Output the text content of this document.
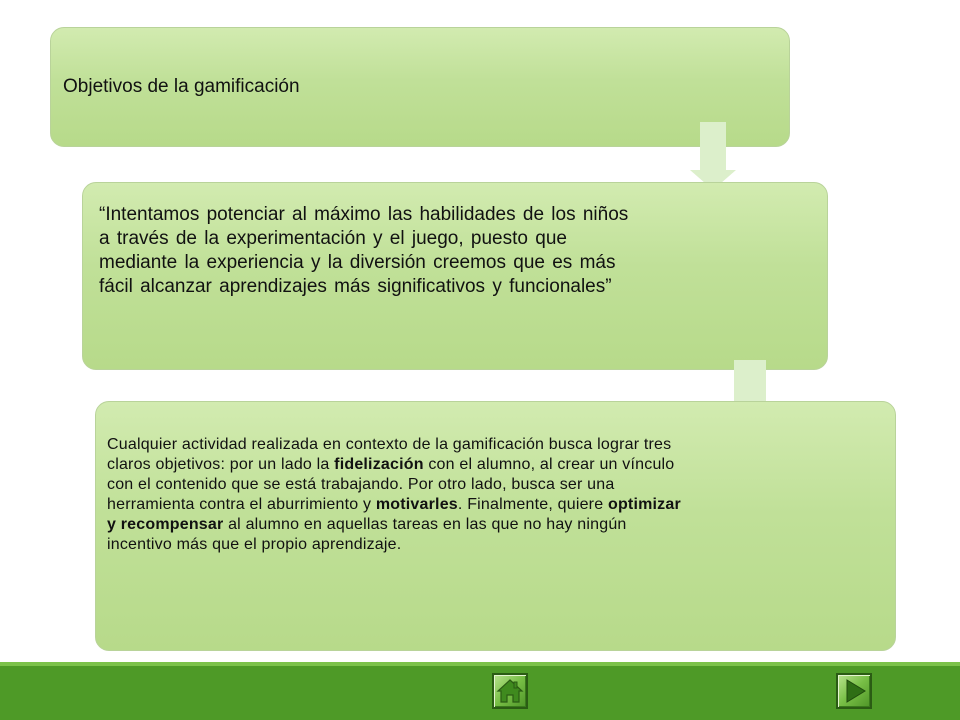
Objetivos de la gamificación
“Intentamos potenciar al máximo las habilidades de los niños a través de la experimentación y el juego, puesto que mediante la experiencia y la diversión creemos que es más fácil alcanzar aprendizajes más significativos y funcionales”
Cualquier actividad realizada en contexto de la gamificación busca lograr tres claros objetivos: por un lado la fidelización con el alumno, al crear un vínculo con el contenido que se está trabajando. Por otro lado, busca ser una herramienta contra el aburrimiento y motivarles. Finalmente, quiere optimizar y recompensar al alumno en aquellas tareas en las que no hay ningún incentivo más que el propio aprendizaje.
